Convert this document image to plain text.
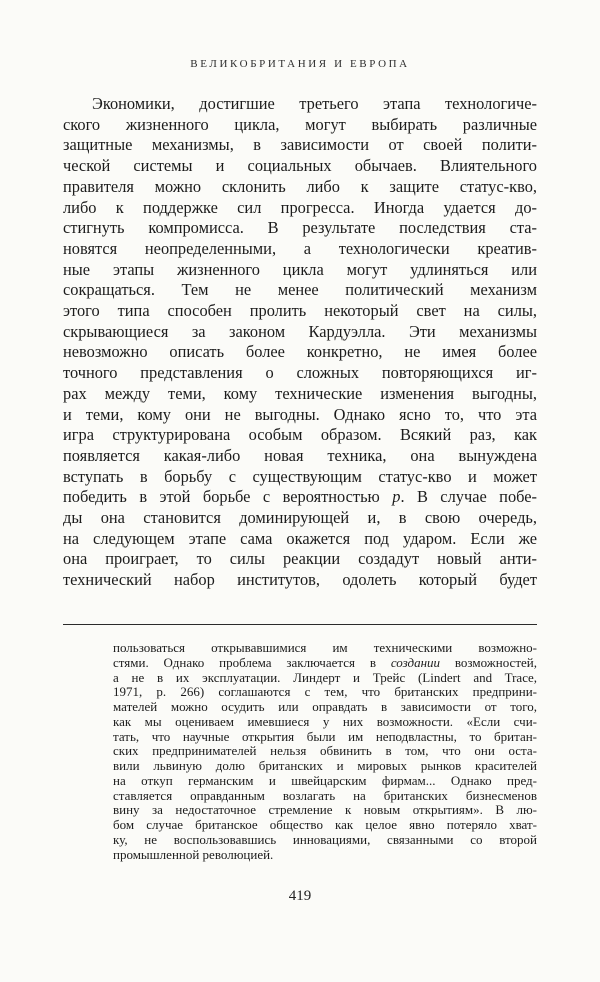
ВЕЛИКОБРИТАНИЯ И ЕВРОПА
Экономики, достигшие третьего этапа технологиче-
ского жизненного цикла, могут выбирать различные
защитные механизмы, в зависимости от своей полити-
ческой системы и социальных обычаев. Влиятельного
правителя можно склонить либо к защите статус-кво,
либо к поддержке сил прогресса. Иногда удается до-
стигнуть компромисса. В результате последствия ста-
новятся неопределенными, а технологически креатив-
ные этапы жизненного цикла могут удлиняться или
сокращаться. Тем не менее политический механизм
этого типа способен пролить некоторый свет на силы,
скрывающиеся за законом Кардуэлла. Эти механизмы
невозможно описать более конкретно, не имея более
точного представления о сложных повторяющихся иг-
рах между теми, кому технические изменения выгодны,
и теми, кому они не выгодны. Однако ясно то, что эта
игра структурирована особым образом. Всякий раз, как
появляется какая-либо новая техника, она вынуждена
вступать в борьбу с существующим статус-кво и может
победить в этой борьбе с вероятностью p. В случае побе-
ды она становится доминирующей и, в свою очередь,
на следующем этапе сама окажется под ударом. Если же
она проиграет, то силы реакции создадут новый анти-
технический набор институтов, одолеть который будет
пользоваться открывавшимися им техническими возможно-
стями. Однако проблема заключается в создании возможностей,
а не в их эксплуатации. Линдерт и Трейс (Lindert and Trace,
1971, p. 266) соглашаются с тем, что британских предприни-
мателей можно осудить или оправдать в зависимости от того,
как мы оцениваем имевшиеся у них возможности. «Если счи-
тать, что научные открытия были им неподвластны, то британ-
ских предпринимателей нельзя обвинить в том, что они оста-
вили львиную долю британских и мировых рынков красителей
на откуп германским и швейцарским фирмам... Однако пред-
ставляется оправданным возлагать на британских бизнесменов
вину за недостаточное стремление к новым открытиям». В лю-
бом случае британское общество как целое явно потеряло хват-
ку, не воспользовавшись инновациями, связанными со второй
промышленной революцией.
419
